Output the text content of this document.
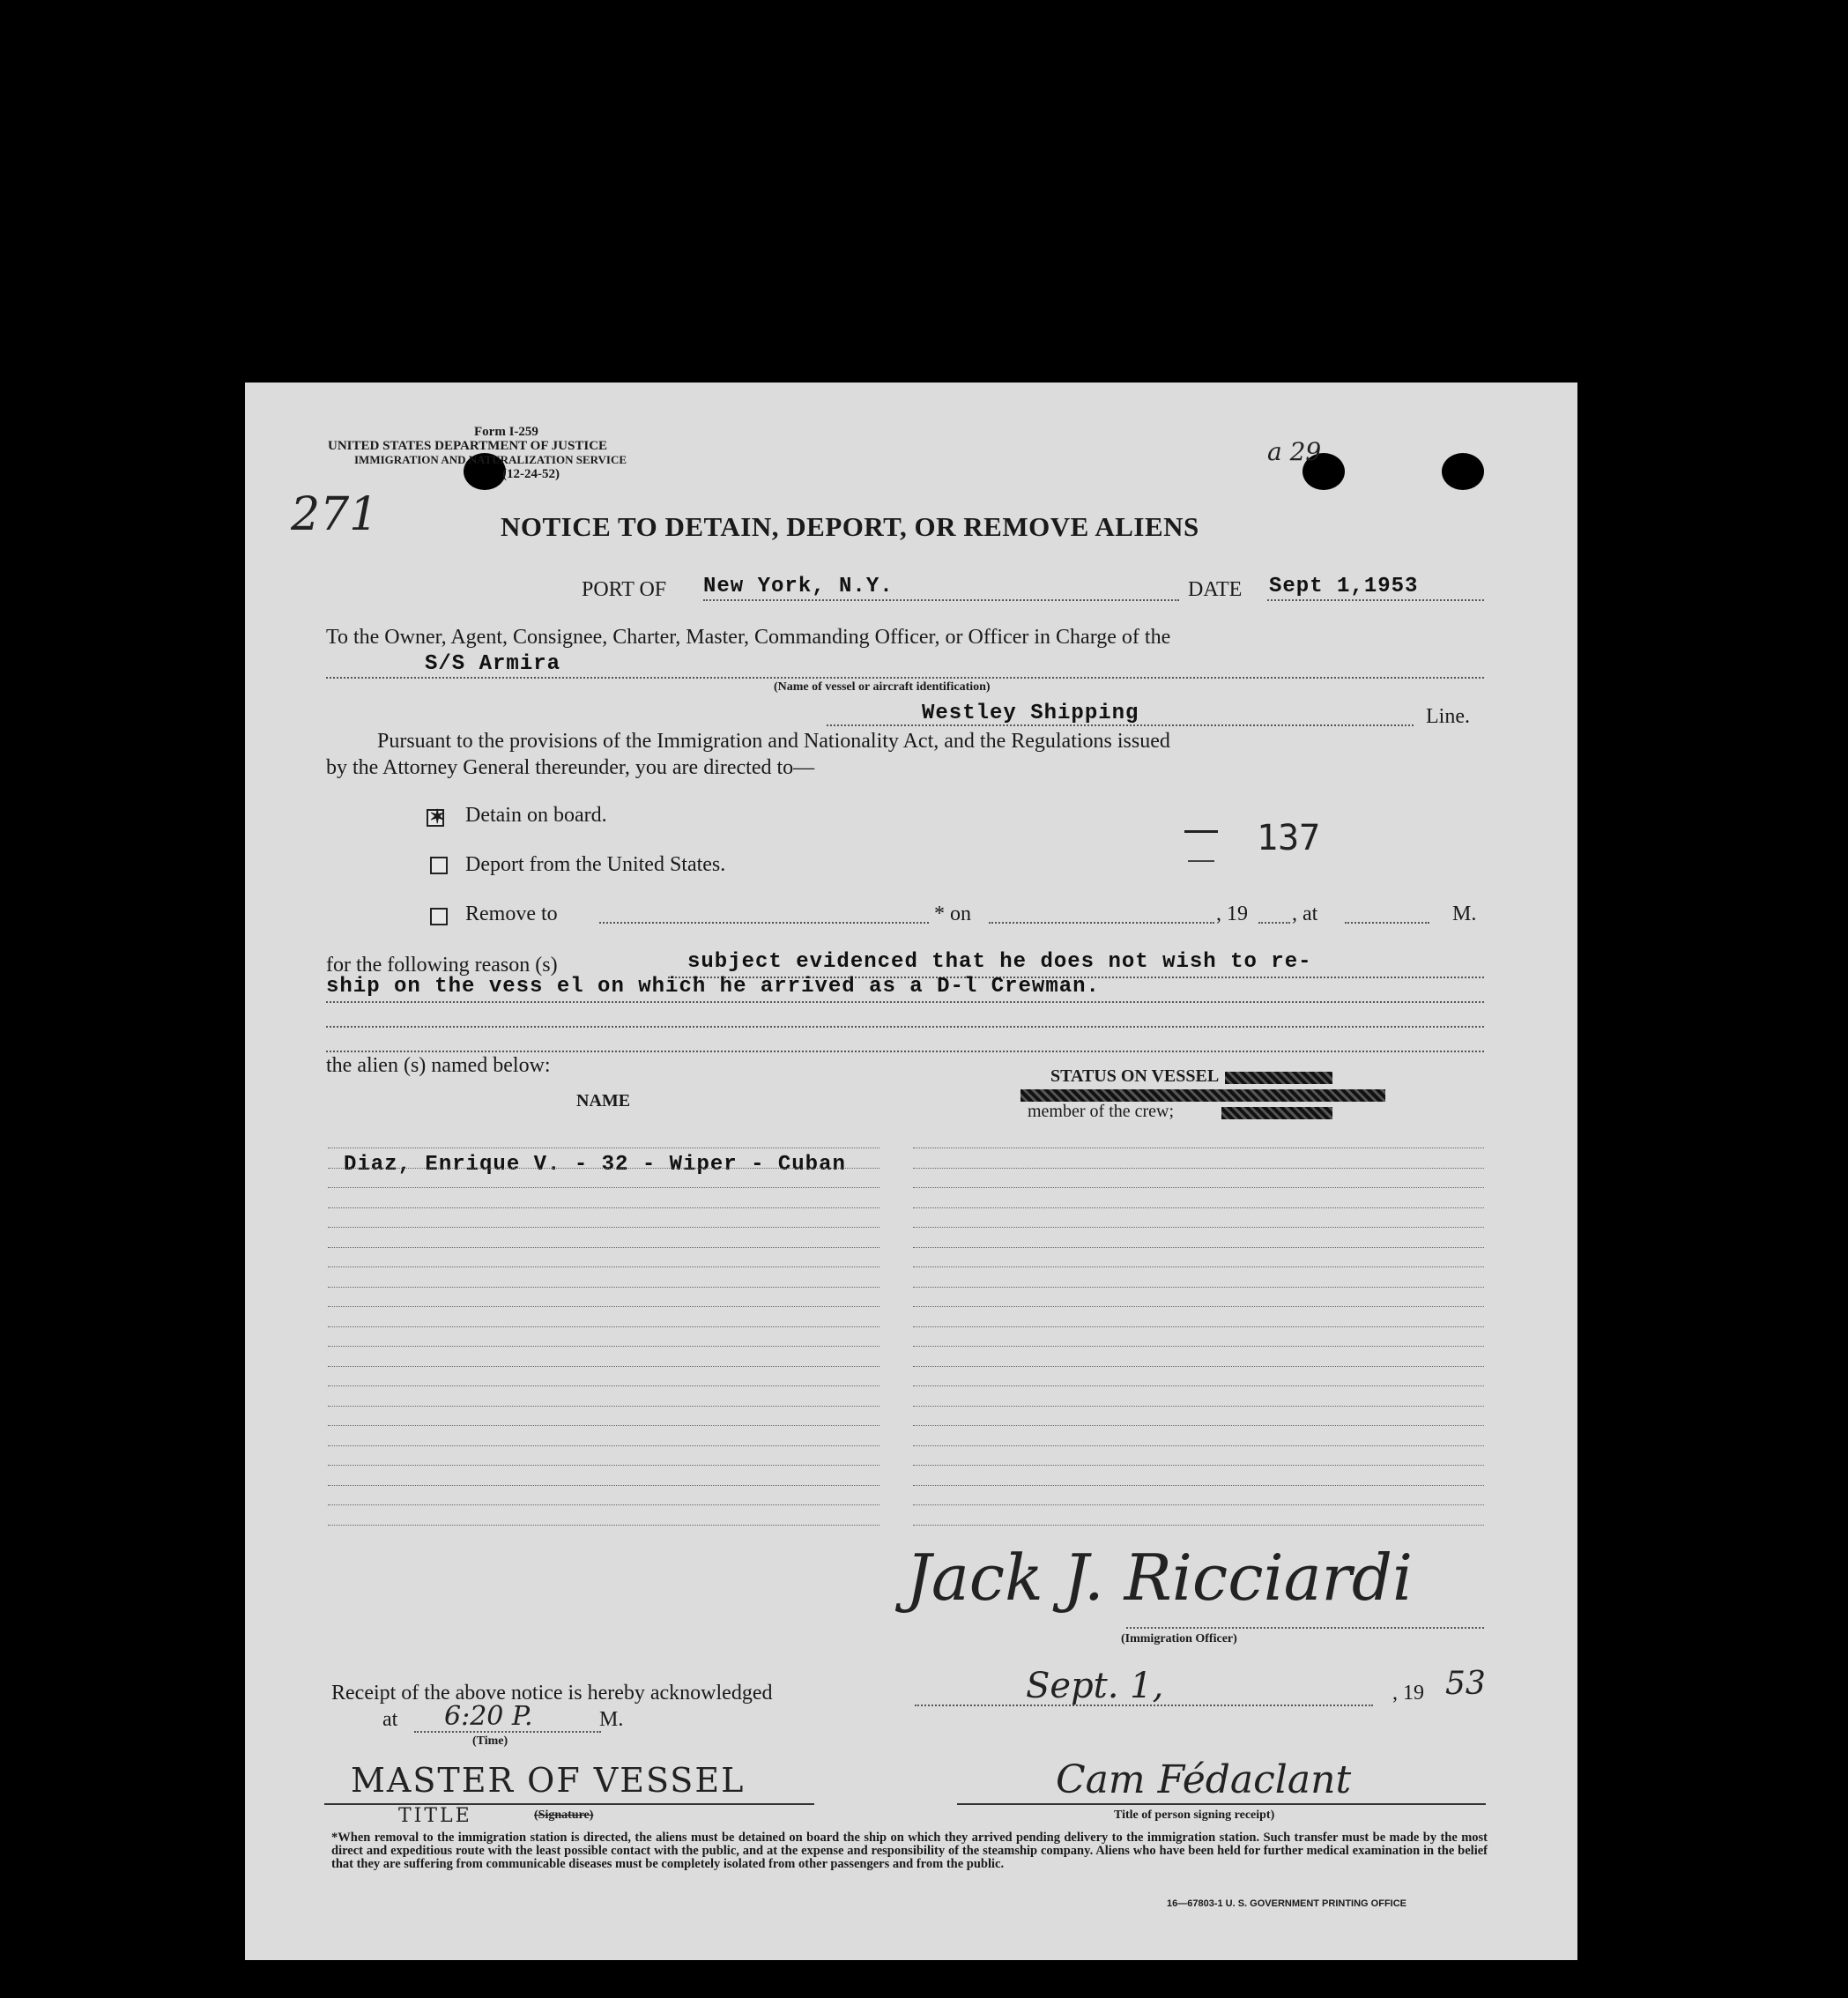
Form I-259
UNITED STATES DEPARTMENT OF JUSTICE
IMMIGRATION AND NATURALIZATION SERVICE
(12-24-52)
271
a 29
NOTICE TO DETAIN, DEPORT, OR REMOVE ALIENS
PORT OF New York, N.Y.	DATE Sept 1,1953
To the Owner, Agent, Consignee, Charter, Master, Commanding Officer, or Officer in Charge of the
S/S Armira
(Name of vessel or aircraft identification)
Westley Shipping	Line.
Pursuant to the provisions of the Immigration and Nationality Act, and the Regulations issued
by the Attorney General thereunder, you are directed to—
✶ Detain on board.
Deport from the United States.
137
Remove to	* on	, 19 , at	M.
for the following reason (s)	subject evidenced that he does not wish to re-
ship on the vess el on which he arrived as a D-l Crewman.
the alien (s) named below:
NAME
STATUS ON VESSEL
member of the crew;
Diaz, Enrique V. - 32 - Wiper - Cuban
Jack J. Ricciardi
(Immigration Officer)
Receipt of the above notice is hereby acknowledged	Sept. 1,	, 19 53
at 6:20 P.	M.
(Time)
MASTER OF VESSEL
TITLE	(Signature)
Cam Fédaclant
Title of person signing receipt)
*When removal to the immigration station is directed, the aliens must be detained on board the ship on which they arrived pending delivery to the immigration station. Such transfer must be made by the most direct and expeditious route with the least possible contact with the public, and at the expense and responsibility of the steamship company. Aliens who have been held for further medical examination in the belief that they are suffering from communicable diseases must be completely isolated from other passengers and from the public.
16—67803-1 U. S. GOVERNMENT PRINTING OFFICE
